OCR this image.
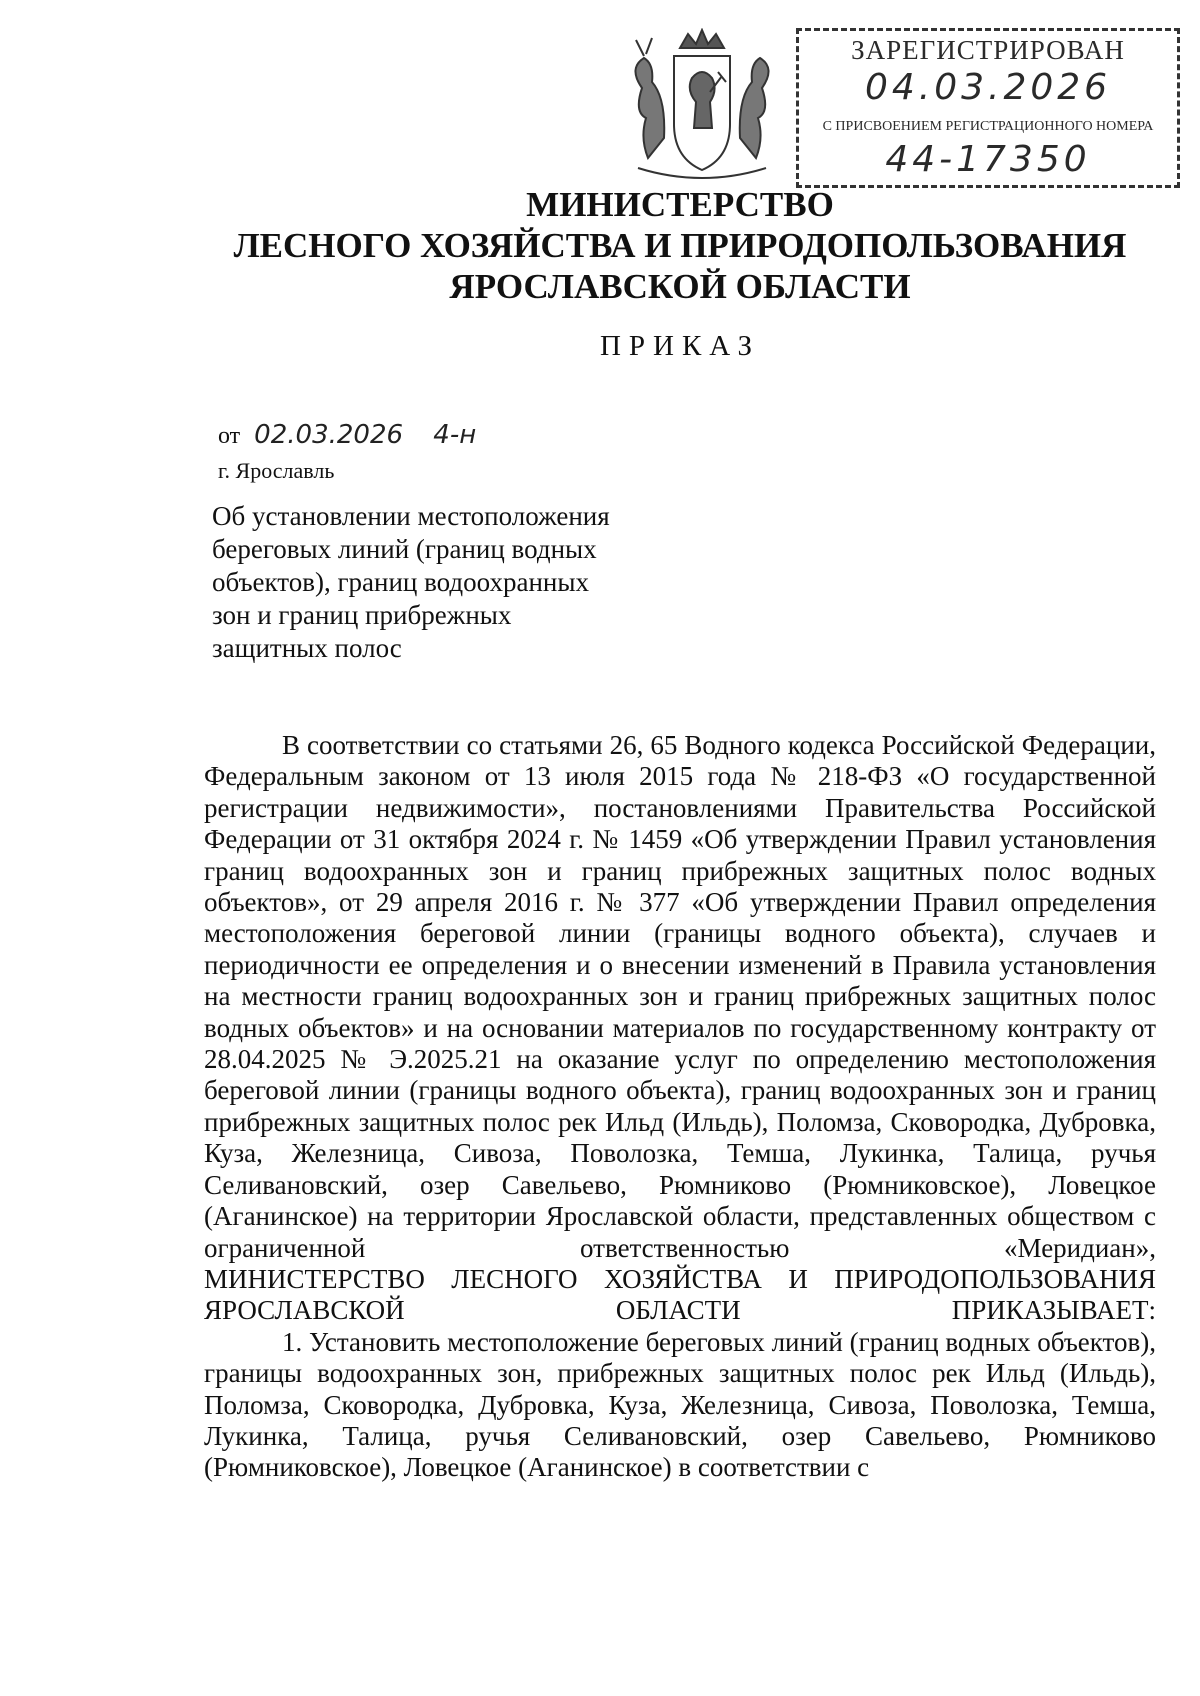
ЗАРЕГИСТРИРОВАН
04.03.2026
С ПРИСВОЕНИЕМ РЕГИСТРАЦИОННОГО НОМЕРА
44-17350
МИНИСТЕРСТВО
ЛЕСНОГО ХОЗЯЙСТВА И ПРИРОДОПОЛЬЗОВАНИЯ
ЯРОСЛАВСКОЙ ОБЛАСТИ
ПРИКАЗ
от 02.03.2026 4-н
г. Ярославль
Об установлении местоположения
береговых линий (границ водных
объектов), границ водоохранных
зон и границ прибрежных
защитных полос

В соответствии со статьями 26, 65 Водного кодекса Российской Федерации, Федеральным законом от 13 июля 2015 года № 218-ФЗ «О государственной регистрации недвижимости», постановлениями Правительства Российской Федерации от 31 октября 2024 г. № 1459 «Об утверждении Правил установления границ водоохранных зон и границ прибрежных защитных полос водных объектов», от 29 апреля 2016 г. № 377 «Об утверждении Правил определения местоположения береговой линии (границы водного объекта), случаев и периодичности ее определения и о внесении изменений в Правила установления на местности границ водоохранных зон и границ прибрежных защитных полос водных объектов» и на основании материалов по государственному контракту от 28.04.2025 № Э.2025.21 на оказание услуг по определению местоположения береговой линии (границы водного объекта), границ водоохранных зон и границ прибрежных защитных полос рек Ильд (Ильдь), Поломза, Сковородка, Дубровка, Куза, Железница, Сивоза, Поволозка, Темша, Лукинка, Талица, ручья Селивановский, озер Савельево, Рюмниково (Рюмниковское), Ловецкое (Аганинское) на территории Ярославской области, представленных обществом с ограниченной ответственностью «Меридиан»,

МИНИСТЕРСТВО ЛЕСНОГО ХОЗЯЙСТВА И ПРИРОДОПОЛЬЗОВАНИЯ ЯРОСЛАВСКОЙ ОБЛАСТИ ПРИКАЗЫВАЕТ:

1. Установить местоположение береговых линий (границ водных объектов), границы водоохранных зон, прибрежных защитных полос рек Ильд (Ильдь), Поломза, Сковородка, Дубровка, Куза, Железница, Сивоза, Поволозка, Темша, Лукинка, Талица, ручья Селивановский, озер Савельево, Рюмниково (Рюмниковское), Ловецкое (Аганинское) в соответствии с
